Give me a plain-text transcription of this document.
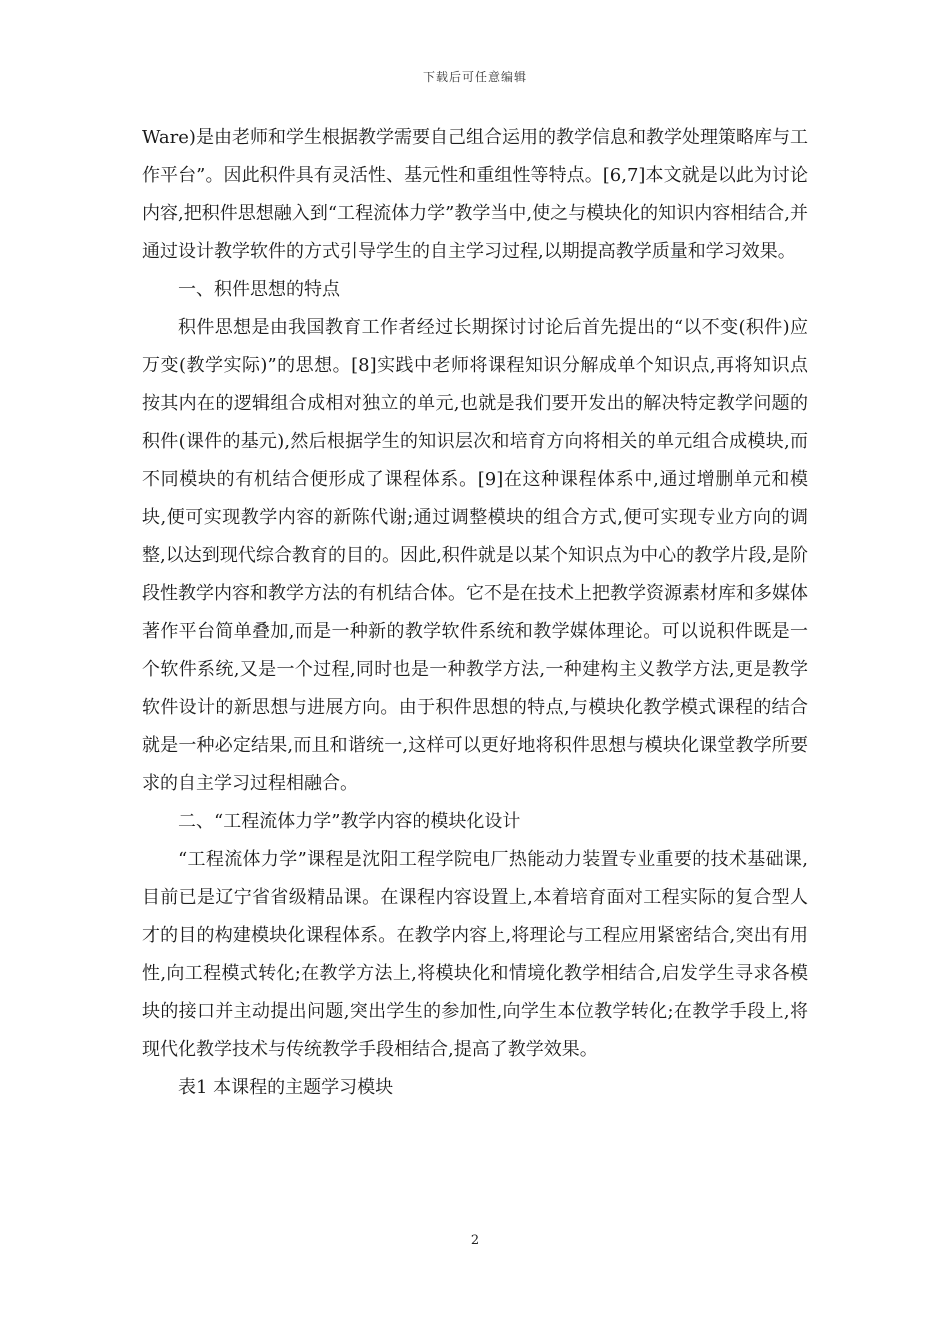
下载后可任意编辑

Ware)是由老师和学生根据教学需要自己组合运用的教学信息和教学处理策略库与工作平台”。因此积件具有灵活性、基元性和重组性等特点。[6,7]本文就是以此为讨论内容,把积件思想融入到“工程流体力学”教学当中,使之与模块化的知识内容相结合,并通过设计教学软件的方式引导学生的自主学习过程,以期提高教学质量和学习效果。

一、积件思想的特点

积件思想是由我国教育工作者经过长期探讨讨论后首先提出的“以不变(积件)应万变(教学实际)”的思想。[8]实践中老师将课程知识分解成单个知识点,再将知识点按其内在的逻辑组合成相对独立的单元,也就是我们要开发出的解决特定教学问题的积件(课件的基元),然后根据学生的知识层次和培育方向将相关的单元组合成模块,而不同模块的有机结合便形成了课程体系。[9]在这种课程体系中,通过增删单元和模块,便可实现教学内容的新陈代谢;通过调整模块的组合方式,便可实现专业方向的调整,以达到现代综合教育的目的。因此,积件就是以某个知识点为中心的教学片段,是阶段性教学内容和教学方法的有机结合体。它不是在技术上把教学资源素材库和多媒体著作平台简单叠加,而是一种新的教学软件系统和教学媒体理论。可以说积件既是一个软件系统,又是一个过程,同时也是一种教学方法,一种建构主义教学方法,更是教学软件设计的新思想与进展方向。由于积件思想的特点,与模块化教学模式课程的结合就是一种必定结果,而且和谐统一,这样可以更好地将积件思想与模块化课堂教学所要求的自主学习过程相融合。

二、“工程流体力学”教学内容的模块化设计

“工程流体力学”课程是沈阳工程学院电厂热能动力装置专业重要的技术基础课,目前已是辽宁省省级精品课。在课程内容设置上,本着培育面对工程实际的复合型人才的目的构建模块化课程体系。在教学内容上,将理论与工程应用紧密结合,突出有用性,向工程模式转化;在教学方法上,将模块化和情境化教学相结合,启发学生寻求各模块的接口并主动提出问题,突出学生的参加性,向学生本位教学转化;在教学手段上,将现代化教学技术与传统教学手段相结合,提高了教学效果。

表1 本课程的主题学习模块

2
